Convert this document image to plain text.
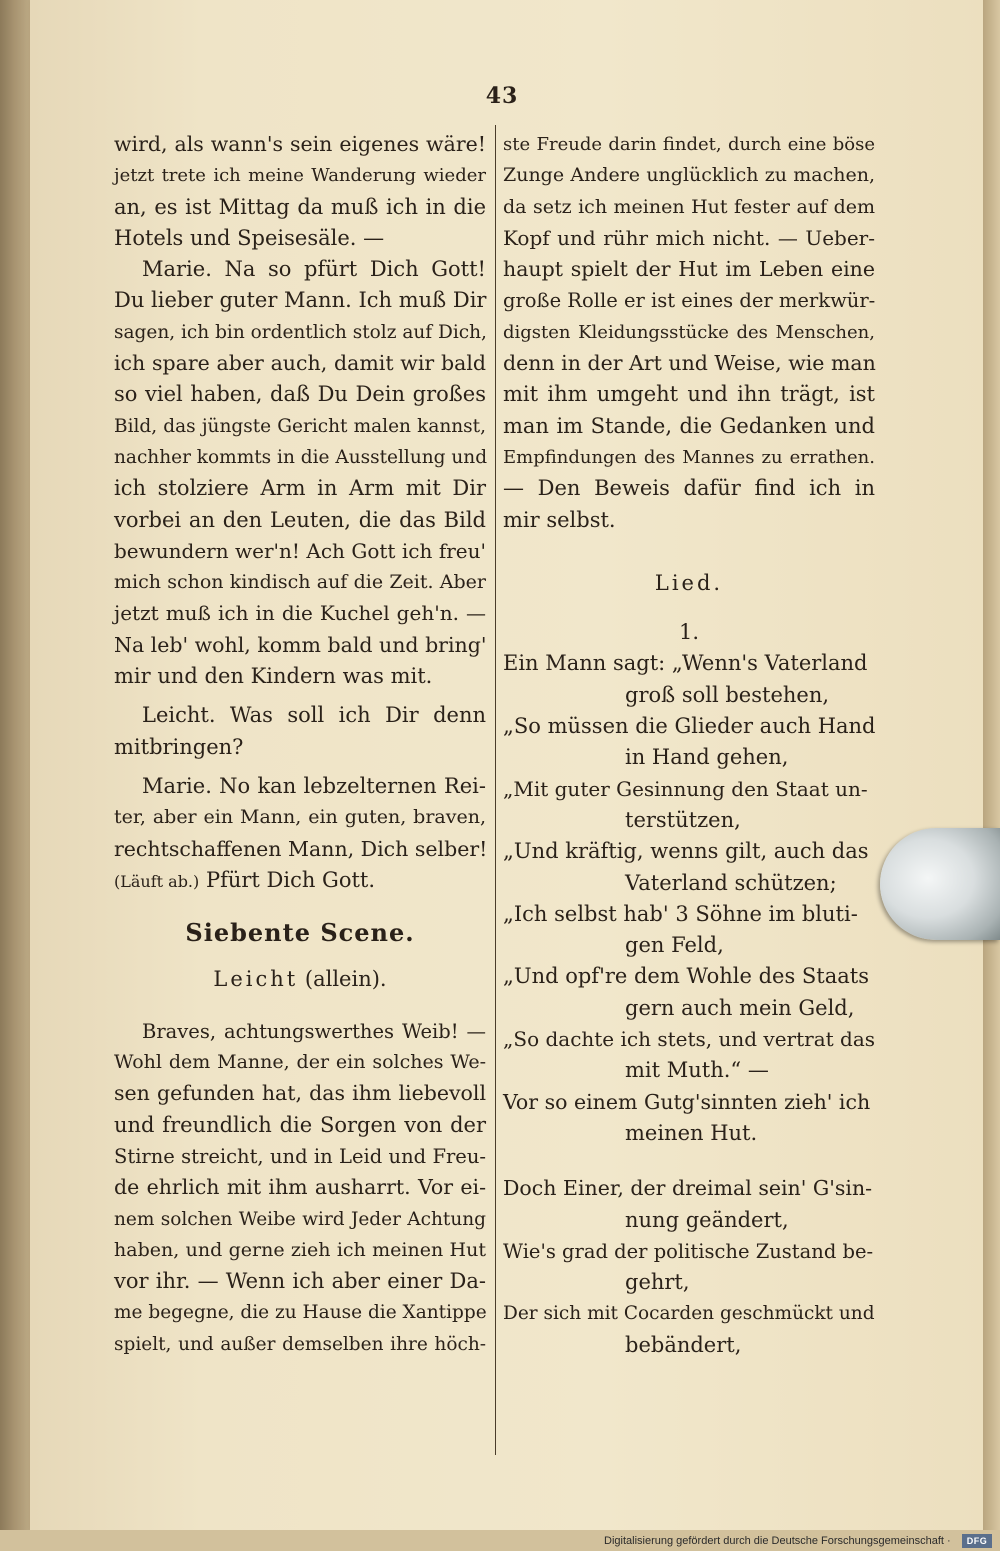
43
wird, als wann's sein eigenes wäre!
jetzt trete ich meine Wanderung wieder
an, es ist Mittag da muß ich in die
Hotels und Speisesäle. —
Marie. Na so pfürt Dich Gott!
Du lieber guter Mann. Ich muß Dir
sagen, ich bin ordentlich stolz auf Dich,
ich spare aber auch, damit wir bald
so viel haben, daß Du Dein großes
Bild, das jüngste Gericht malen kannst,
nachher kommts in die Ausstellung und
ich stolziere Arm in Arm mit Dir
vorbei an den Leuten, die das Bild
bewundern wer'n! Ach Gott ich freu'
mich schon kindisch auf die Zeit. Aber
jetzt muß ich in die Kuchel geh'n. —
Na leb' wohl, komm bald und bring'
mir und den Kindern was mit.
Leicht. Was soll ich Dir denn
mitbringen?
Marie. No kan lebzelternen Rei-
ter, aber ein Mann, ein guten, braven,
rechtschaffenen Mann, Dich selber!
(Läuft ab.) Pfürt Dich Gott.
Siebente Scene.
Leicht (allein).
Braves, achtungswerthes Weib! —
Wohl dem Manne, der ein solches We-
sen gefunden hat, das ihm liebevoll
und freundlich die Sorgen von der
Stirne streicht, und in Leid und Freu-
de ehrlich mit ihm ausharrt. Vor ei-
nem solchen Weibe wird Jeder Achtung
haben, und gerne zieh ich meinen Hut
vor ihr. — Wenn ich aber einer Da-
me begegne, die zu Hause die Xantippe
spielt, und außer demselben ihre höch-
ste Freude darin findet, durch eine böse
Zunge Andere unglücklich zu machen,
da setz ich meinen Hut fester auf dem
Kopf und rühr mich nicht. — Ueber-
haupt spielt der Hut im Leben eine
große Rolle er ist eines der merkwür-
digsten Kleidungsstücke des Menschen,
denn in der Art und Weise, wie man
mit ihm umgeht und ihn trägt, ist
man im Stande, die Gedanken und
Empfindungen des Mannes zu errathen.
— Den Beweis dafür find ich in
mir selbst.
Lied.
1.
Ein Mann sagt: „Wenn's Vaterland
groß soll bestehen,
„So müssen die Glieder auch Hand
in Hand gehen,
„Mit guter Gesinnung den Staat un-
terstützen,
„Und kräftig, wenns gilt, auch das
Vaterland schützen;
„Ich selbst hab' 3 Söhne im bluti-
gen Feld,
„Und opf're dem Wohle des Staats
gern auch mein Geld,
„So dachte ich stets, und vertrat das
mit Muth.“ —
Vor so einem Gutg'sinnten zieh' ich
meinen Hut.
Doch Einer, der dreimal sein' G'sin-
nung geändert,
Wie's grad der politische Zustand be-
gehrt,
Der sich mit Cocarden geschmückt und
bebändert,
Digitalisierung gefördert durch die Deutsche Forschungsgemeinschaft ·	DFG
